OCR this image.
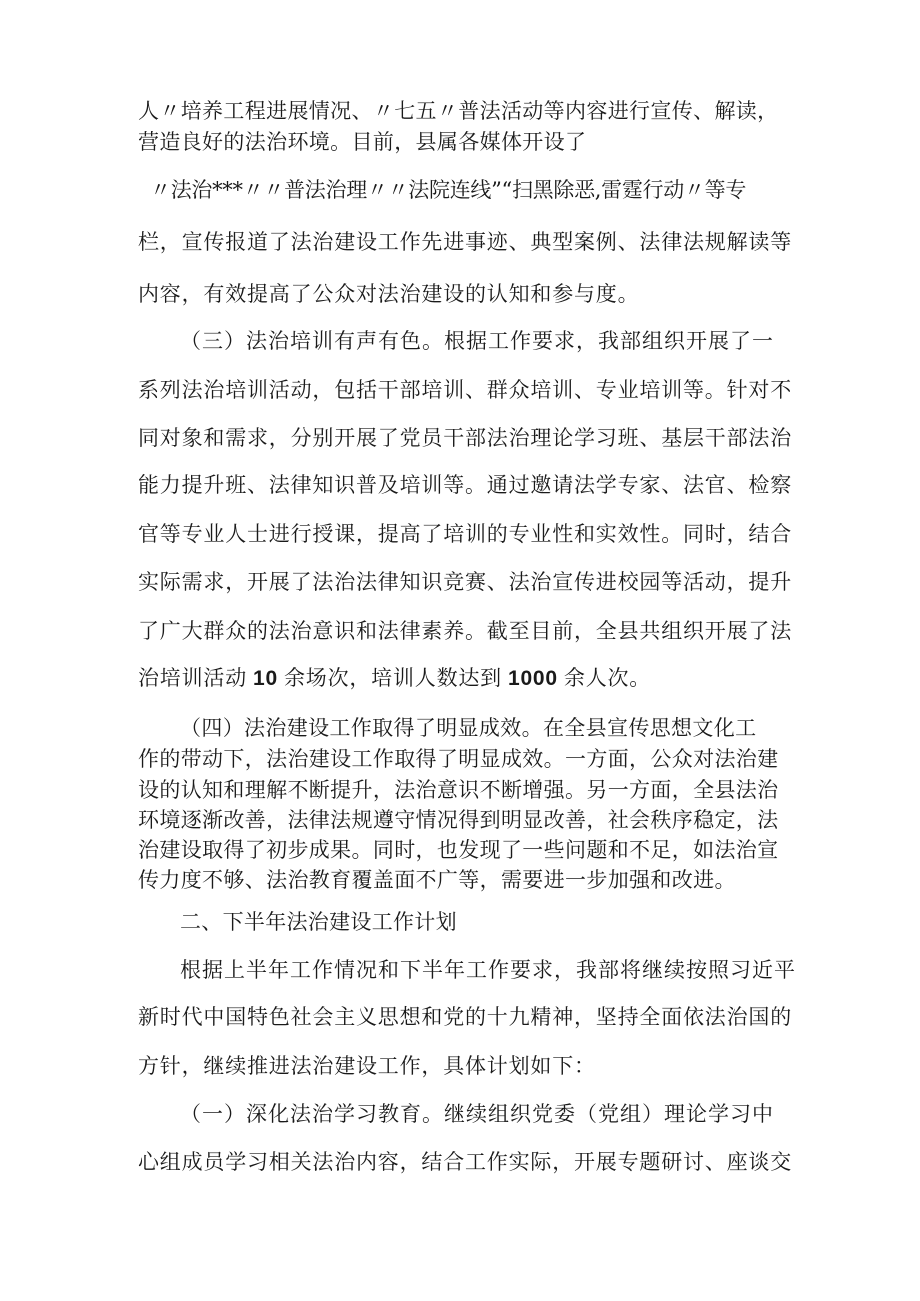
人〃培养工程进展情况、〃七五〃普法活动等内容进行宣传、解读，
营造良好的法治环境。目前，县属各媒体开设了
〃法治***〃〃普法治理〃〃法院连线”“扫黑除恶,雷霆行动〃等专
栏，宣传报道了法治建设工作先进事迹、典型案例、法律法规解读等
内容，有效提高了公众对法治建设的认知和参与度。
（三）法治培训有声有色。根据工作要求，我部组织开展了一
系列法治培训活动，包括干部培训、群众培训、专业培训等。针对不
同对象和需求，分别开展了党员干部法治理论学习班、基层干部法治
能力提升班、法律知识普及培训等。通过邀请法学专家、法官、检察
官等专业人士进行授课，提高了培训的专业性和实效性。同时，结合
实际需求，开展了法治法律知识竞赛、法治宣传进校园等活动，提升
了广大群众的法治意识和法律素养。截至目前，全县共组织开展了法
治培训活动 10 余场次，培训人数达到 1000 余人次。
（四）法治建设工作取得了明显成效。在全县宣传思想文化工
作的带动下，法治建设工作取得了明显成效。一方面，公众对法治建
设的认知和理解不断提升，法治意识不断增强。另一方面，全县法治
环境逐渐改善，法律法规遵守情况得到明显改善，社会秩序稳定，法
治建设取得了初步成果。同时，也发现了一些问题和不足，如法治宣
传力度不够、法治教育覆盖面不广等，需要进一步加强和改进。
二、下半年法治建设工作计划
根据上半年工作情况和下半年工作要求，我部将继续按照习近平
新时代中国特色社会主义思想和党的十九精神，坚持全面依法治国的
方针，继续推进法治建设工作，具体计划如下：
（一）深化法治学习教育。继续组织党委（党组）理论学习中
心组成员学习相关法治内容，结合工作实际，开展专题研讨、座谈交
